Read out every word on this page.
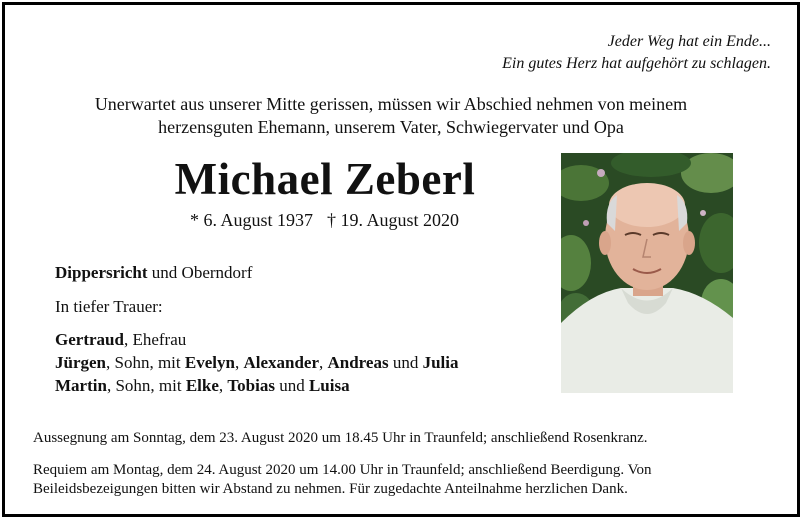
Jeder Weg hat ein Ende...
Ein gutes Herz hat aufgehört zu schlagen.
Unerwartet aus unserer Mitte gerissen, müssen wir Abschied nehmen von meinem
herzensguten Ehemann, unserem Vater, Schwiegervater und Opa
Michael Zeberl
* 6. August 1937 † 19. August 2020
Dippersricht und Oberndorf
In tiefer Trauer:
Gertraud, Ehefrau
Jürgen, Sohn, mit Evelyn, Alexander, Andreas und Julia
Martin, Sohn, mit Elke, Tobias und Luisa
Aussegnung am Sonntag, dem 23. August 2020 um 18.45 Uhr in Traunfeld; anschließend Rosenkranz.
Requiem am Montag, dem 24. August 2020 um 14.00 Uhr in Traunfeld; anschließend Beerdigung. Von Beileidsbezeigungen bitten wir Abstand zu nehmen. Für zugedachte Anteilnahme herzlichen Dank.
